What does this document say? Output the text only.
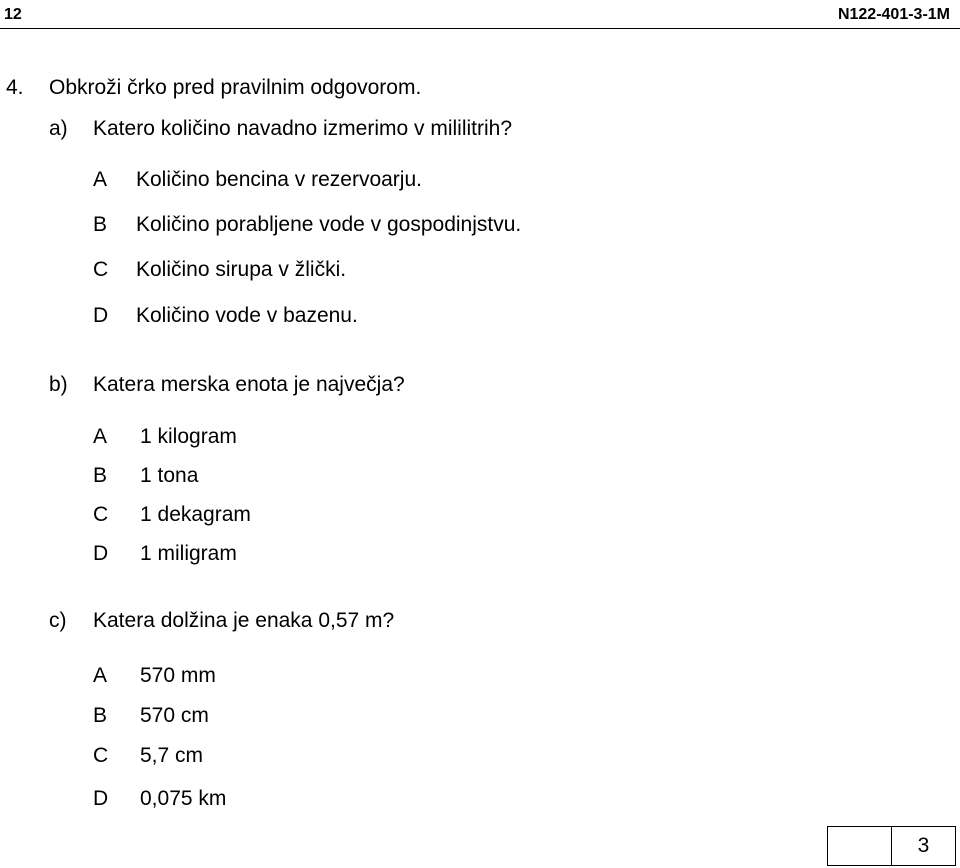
12	N122-401-3-1M
4. Obkroži črko pred pravilnim odgovorom.
a) Katero količino navadno izmerimo v mililitrih?
A Količino bencina v rezervoarju.
B Količino porabljene vode v gospodinjstvu.
C Količino sirupa v žlički.
D Količino vode v bazenu.
b) Katera merska enota je največja?
A 1 kilogram
B 1 tona
C 1 dekagram
D 1 miligram
c) Katera dolžina je enaka 0,57 m?
A 570 mm
B 570 cm
C 5,7 cm
D 0,075 km
3
